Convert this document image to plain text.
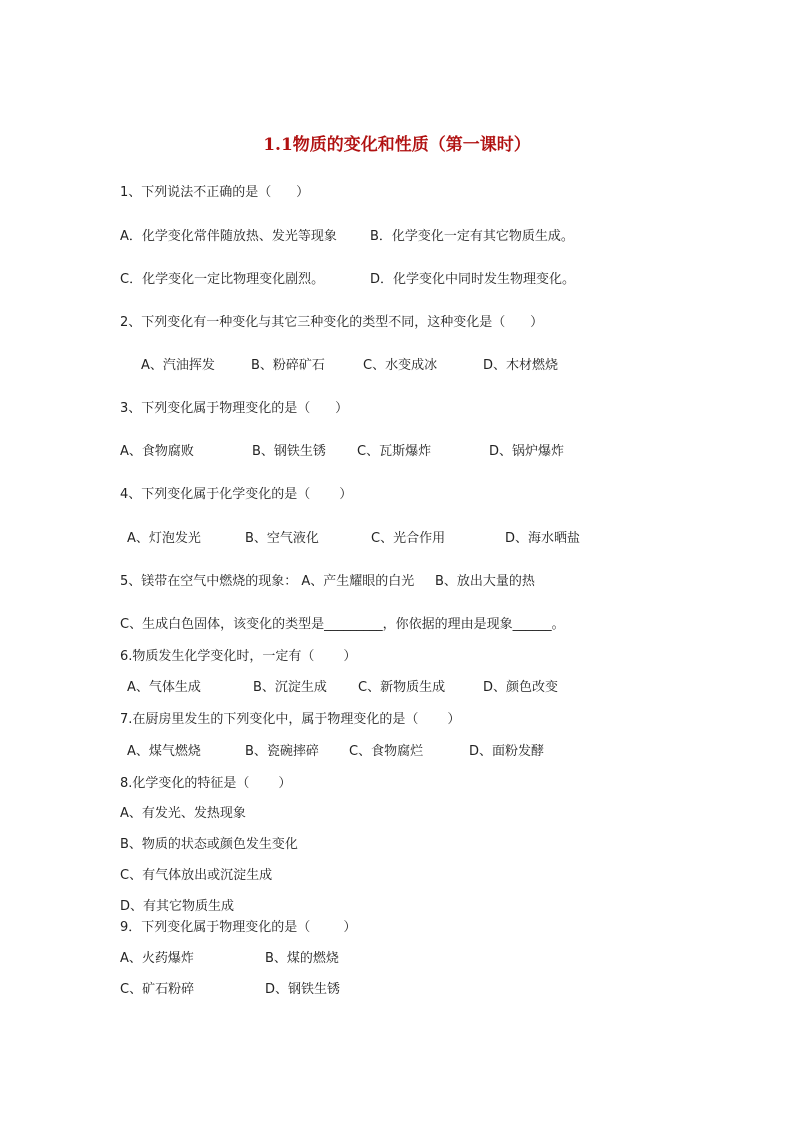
1.1物质的变化和性质（第一课时）
1、下列说法不正确的是（      ）

A．化学变化常伴随放热、发光等现象

	B．化学变化一定有其它物质生成。

C．化学变化一定比物理变化剧烈。

	D．化学变化中同时发生物理变化。

2、下列变化有一种变化与其它三种变化的类型不同，这种变化是（      ）

A、汽油挥发

	B、粉碎矿石

	C、水变成冰

	D、木材燃烧

3、下列变化属于物理变化的是（      ）

A、食物腐败

	B、钢铁生锈

C、瓦斯爆炸

	D、锅炉爆炸

4、下列变化属于化学变化的是（       ）

A、灯泡发光

	B、空气液化

	C、光合作用

	D、海水晒盐

5、镁带在空气中燃烧的现象： A、产生耀眼的白光     B、放出大量的热
C、生成白色固体，该变化的类型是_________，你依据的理由是现象______。
6.物质发生化学变化时，一定有（       ）

A、气体生成

	B、沉淀生成

C、新物质生成

	D、颜色改变

7.在厨房里发生的下列变化中，属于物理变化的是（       ）

A、煤气燃烧

	B、瓷碗摔碎

C、食物腐烂

	D、面粉发酵

8.化学变化的特征是（       ）
A、有发光、发热现象
B、物质的状态或颜色发生变化
C、有气体放出或沉淀生成
D、有其它物质生成
9．下列变化属于物理变化的是（        ）

A、火药爆炸

	B、煤的燃烧

C、矿石粉碎

	D、钢铁生锈
